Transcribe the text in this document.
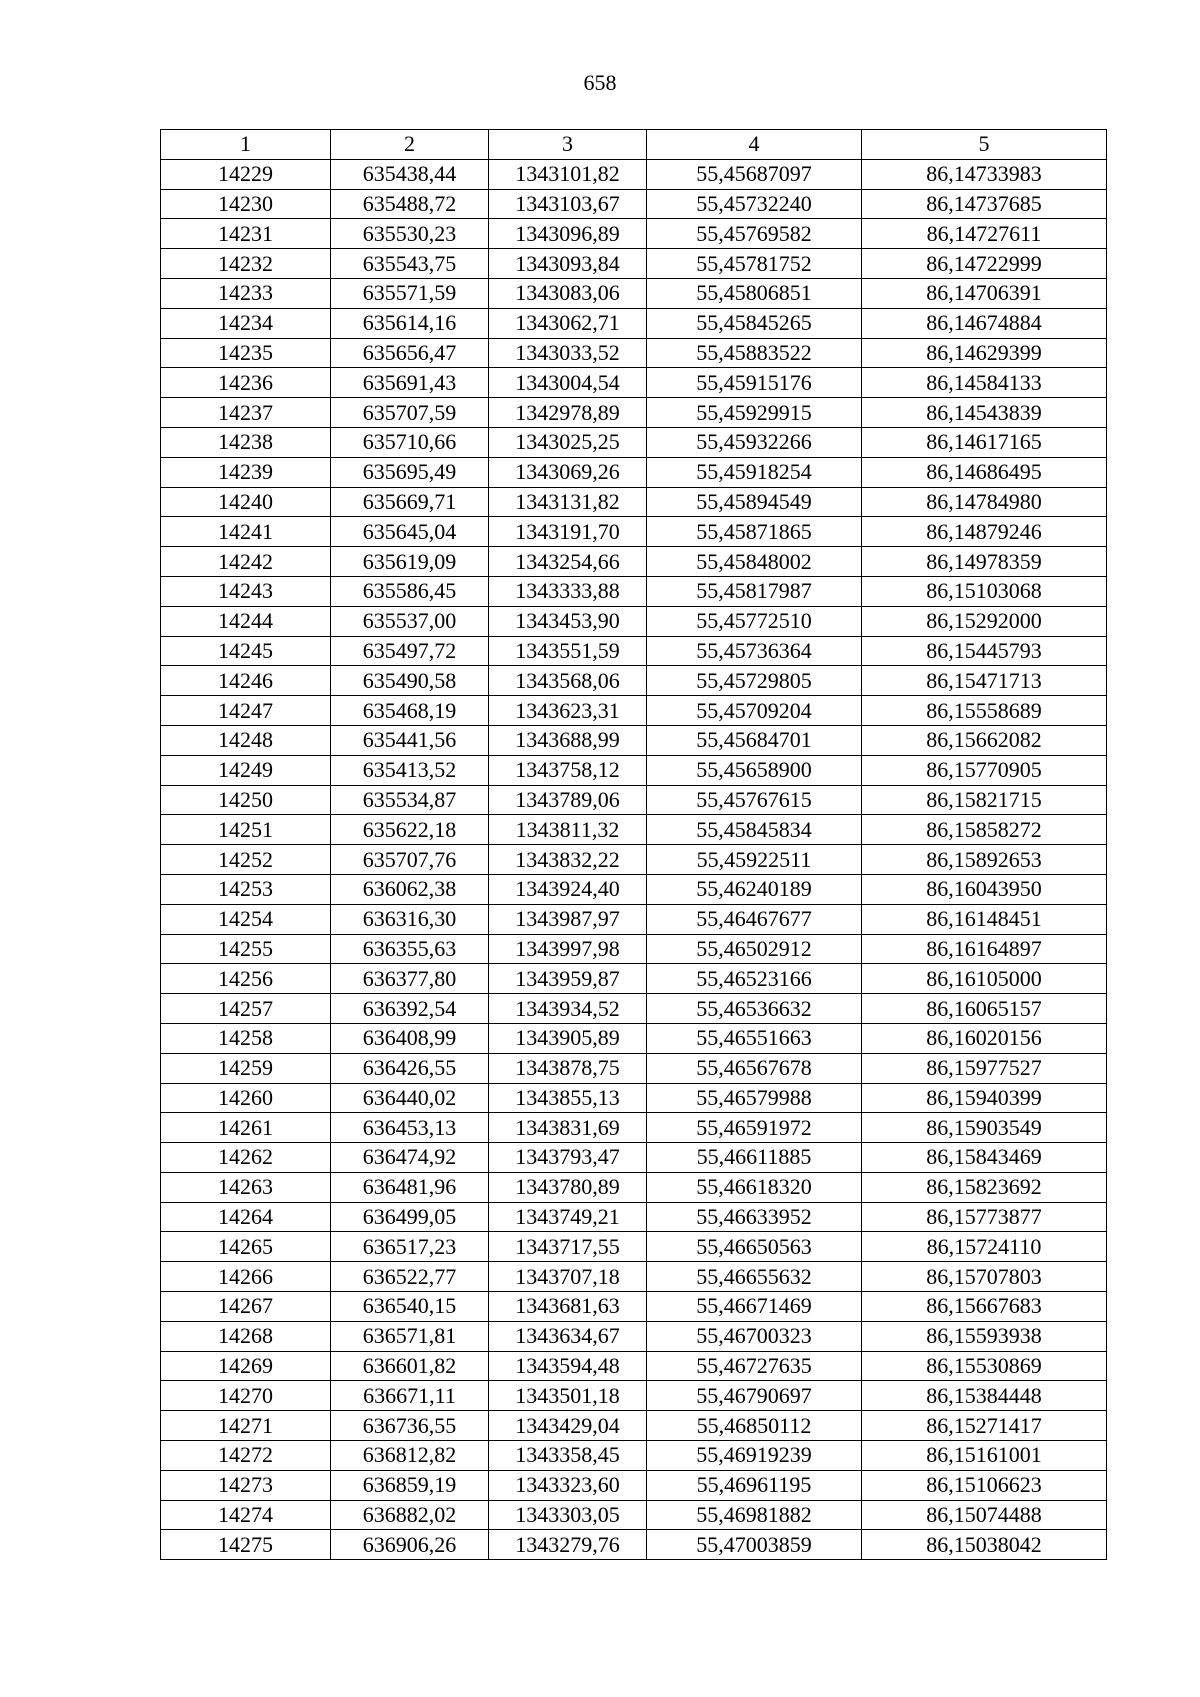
658
1	2	3	4	5
14229	635438,44	1343101,82	55,45687097	86,14733983
14230	635488,72	1343103,67	55,45732240	86,14737685
14231	635530,23	1343096,89	55,45769582	86,14727611
14232	635543,75	1343093,84	55,45781752	86,14722999
14233	635571,59	1343083,06	55,45806851	86,14706391
14234	635614,16	1343062,71	55,45845265	86,14674884
14235	635656,47	1343033,52	55,45883522	86,14629399
14236	635691,43	1343004,54	55,45915176	86,14584133
14237	635707,59	1342978,89	55,45929915	86,14543839
14238	635710,66	1343025,25	55,45932266	86,14617165
14239	635695,49	1343069,26	55,45918254	86,14686495
14240	635669,71	1343131,82	55,45894549	86,14784980
14241	635645,04	1343191,70	55,45871865	86,14879246
14242	635619,09	1343254,66	55,45848002	86,14978359
14243	635586,45	1343333,88	55,45817987	86,15103068
14244	635537,00	1343453,90	55,45772510	86,15292000
14245	635497,72	1343551,59	55,45736364	86,15445793
14246	635490,58	1343568,06	55,45729805	86,15471713
14247	635468,19	1343623,31	55,45709204	86,15558689
14248	635441,56	1343688,99	55,45684701	86,15662082
14249	635413,52	1343758,12	55,45658900	86,15770905
14250	635534,87	1343789,06	55,45767615	86,15821715
14251	635622,18	1343811,32	55,45845834	86,15858272
14252	635707,76	1343832,22	55,45922511	86,15892653
14253	636062,38	1343924,40	55,46240189	86,16043950
14254	636316,30	1343987,97	55,46467677	86,16148451
14255	636355,63	1343997,98	55,46502912	86,16164897
14256	636377,80	1343959,87	55,46523166	86,16105000
14257	636392,54	1343934,52	55,46536632	86,16065157
14258	636408,99	1343905,89	55,46551663	86,16020156
14259	636426,55	1343878,75	55,46567678	86,15977527
14260	636440,02	1343855,13	55,46579988	86,15940399
14261	636453,13	1343831,69	55,46591972	86,15903549
14262	636474,92	1343793,47	55,46611885	86,15843469
14263	636481,96	1343780,89	55,46618320	86,15823692
14264	636499,05	1343749,21	55,46633952	86,15773877
14265	636517,23	1343717,55	55,46650563	86,15724110
14266	636522,77	1343707,18	55,46655632	86,15707803
14267	636540,15	1343681,63	55,46671469	86,15667683
14268	636571,81	1343634,67	55,46700323	86,15593938
14269	636601,82	1343594,48	55,46727635	86,15530869
14270	636671,11	1343501,18	55,46790697	86,15384448
14271	636736,55	1343429,04	55,46850112	86,15271417
14272	636812,82	1343358,45	55,46919239	86,15161001
14273	636859,19	1343323,60	55,46961195	86,15106623
14274	636882,02	1343303,05	55,46981882	86,15074488
14275	636906,26	1343279,76	55,47003859	86,15038042
